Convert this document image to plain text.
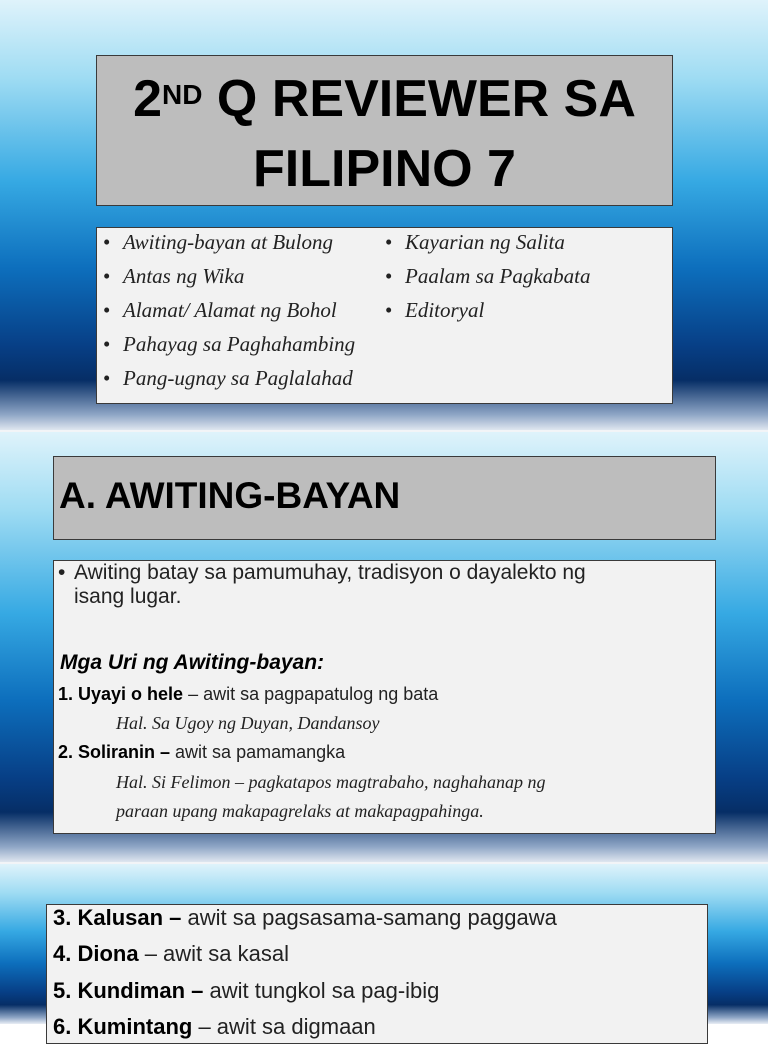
2ND Q REVIEWER SA
FILIPINO 7
• Awiting-bayan at Bulong
• Antas ng Wika
• Alamat/ Alamat ng Bohol
• Pahayag sa Paghahambing
• Pang-ugnay sa Paglalahad
• Kayarian ng Salita
• Paalam sa Pagkabata
• Editoryal
A. AWITING-BAYAN
• Awiting batay sa pamumuhay, tradisyon o dayalekto ng
isang lugar.
Mga Uri ng Awiting-bayan:
1. Uyayi o hele – awit sa pagpapatulog ng bata
Hal. Sa Ugoy ng Duyan, Dandansoy
2. Soliranin – awit sa pamamangka
Hal. Si Felimon – pagkatapos magtrabaho, naghahanap ng
paraan upang makapagrelaks at makapagpahinga.
3. Kalusan – awit sa pagsasama-samang paggawa
4. Diona – awit sa kasal
5. Kundiman – awit tungkol sa pag-ibig
6. Kumintang – awit sa digmaan
